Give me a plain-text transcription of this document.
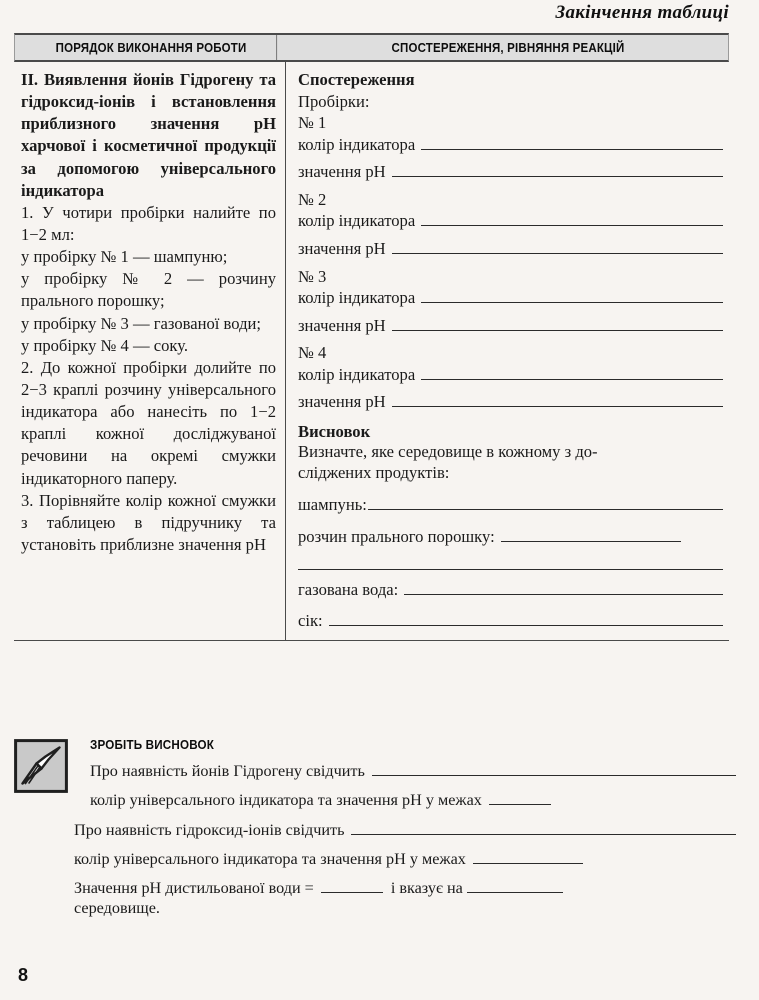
Закінчення таблиці
ПОРЯДОК ВИКОНАННЯ РОБОТИ	СПОСТЕРЕЖЕННЯ, РІВНЯННЯ РЕАКЦІЙ

II. Виявлення йонів Гідрогену та гідроксид-іонів і встановлення приблизного значення рН харчової і косметичної продукції за допомогою універсального індикатора

1. У чотири пробірки налийте по 1−2 мл:

у пробірку № 1 — шампуню;

у пробірку № 2 — розчину прального порошку;

у пробірку № 3 — газованої води;

у пробірку № 4 — соку.

2. До кожної пробірки долийте по 2−3 краплі розчину універсального індикатора або нанесіть по 1−2 краплі кожної досліджуваної речовини на окремі смужки індикаторного паперу.

3. Порівняйте колір кожної смужки з таблицею в підручнику та установіть приблизне значення рН

Спостереження

Пробірки:

№ 1

колір індикатора
значення pH

№ 2

колір індикатора
значення pH

№ 3

колір індикатора
значення pH

№ 4

колір індикатора
значення pH

Висновок

Визначте, яке середовище в кожному з до-

сліджених продуктів:

шампунь:
розчин прального порошку:
газована вода:
сік:
ЗРОБІТЬ ВИСНОВОК
Про наявність йонів Гідрогену свідчить
колір універсального індикатора та значення pH у межах
Про наявність гідроксид-іонів свідчить
колір універсального індикатора та значення pH у межах
Значення pH дистильованої води =	і вказує на

середовище.

8
